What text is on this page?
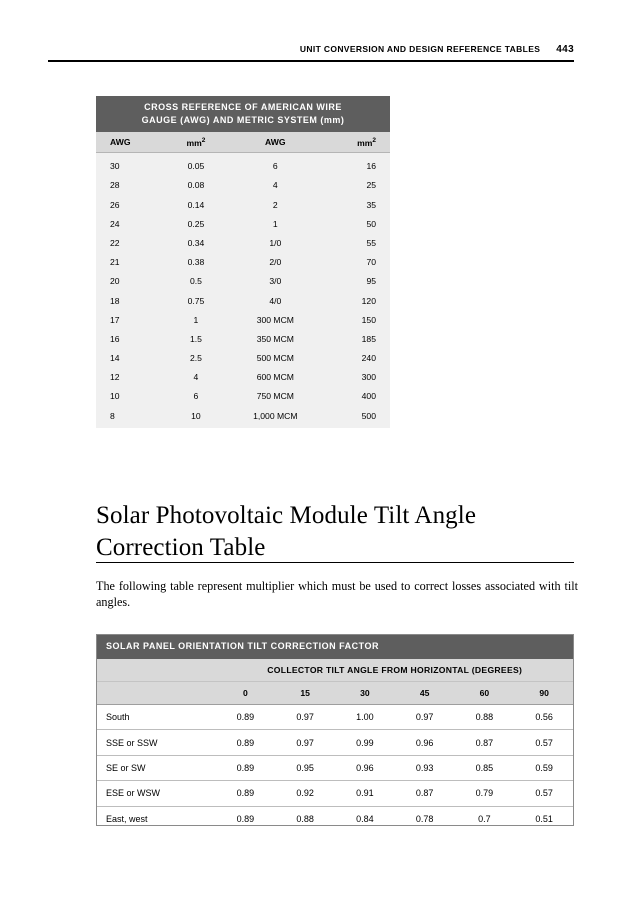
UNIT CONVERSION AND DESIGN REFERENCE TABLES 443
CROSS REFERENCE OF AMERICAN WIRE
GAUGE (AWG) AND METRIC SYSTEM (mm)			
AWG	$mm^2$	AWG	$mm^2$
30	0.05	6	16
28	0.08	4	25
26	0.14	2	35
24	0.25	1	50
22	0.34	1/0	55
21	0.38	2/0	70
20	0.5	3/0	95
18	0.75	4/0	120
17	1	300 MCM	150
16	1.5	350 MCM	185
14	2.5	500 MCM	240
12	4	600 MCM	300
10	6	750 MCM	400
8	10	1,000 MCM	500
Solar Photovoltaic Module Tilt Angle Correction Table
The following table represent multiplier which must be used to correct losses associated with tilt angles.
SOLAR PANEL ORIENTATION TILT CORRECTION FACTOR						
	COLLECTOR TILT ANGLE FROM HORIZONTAL (DEGREES)					
	0	15	30	45	60	90
South	0.89	0.97	1.00	0.97	0.88	0.56
SSE or SSW	0.89	0.97	0.99	0.96	0.87	0.57
SE or SW	0.89	0.95	0.96	0.93	0.85	0.59
ESE or WSW	0.89	0.92	0.91	0.87	0.79	0.57
East, west	0.89	0.88	0.84	0.78	0.7	0.51
